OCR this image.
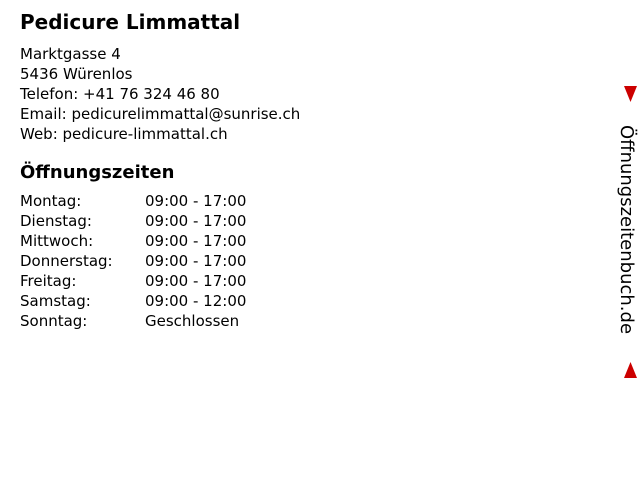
Pedicure Limmattal
Marktgasse 4
5436 Würenlos
Telefon: +41 76 324 46 80
Email: pedicurelimmattal@sunrise.ch
Web: pedicure-limmattal.ch
Öffnungszeiten
Montag:	09:00 - 17:00
Dienstag:	09:00 - 17:00
Mittwoch:	09:00 - 17:00
Donnerstag:	09:00 - 17:00
Freitag:	09:00 - 17:00
Samstag:	09:00 - 12:00
Sonntag:	Geschlossen	Öffnungszeitenbuch.de
